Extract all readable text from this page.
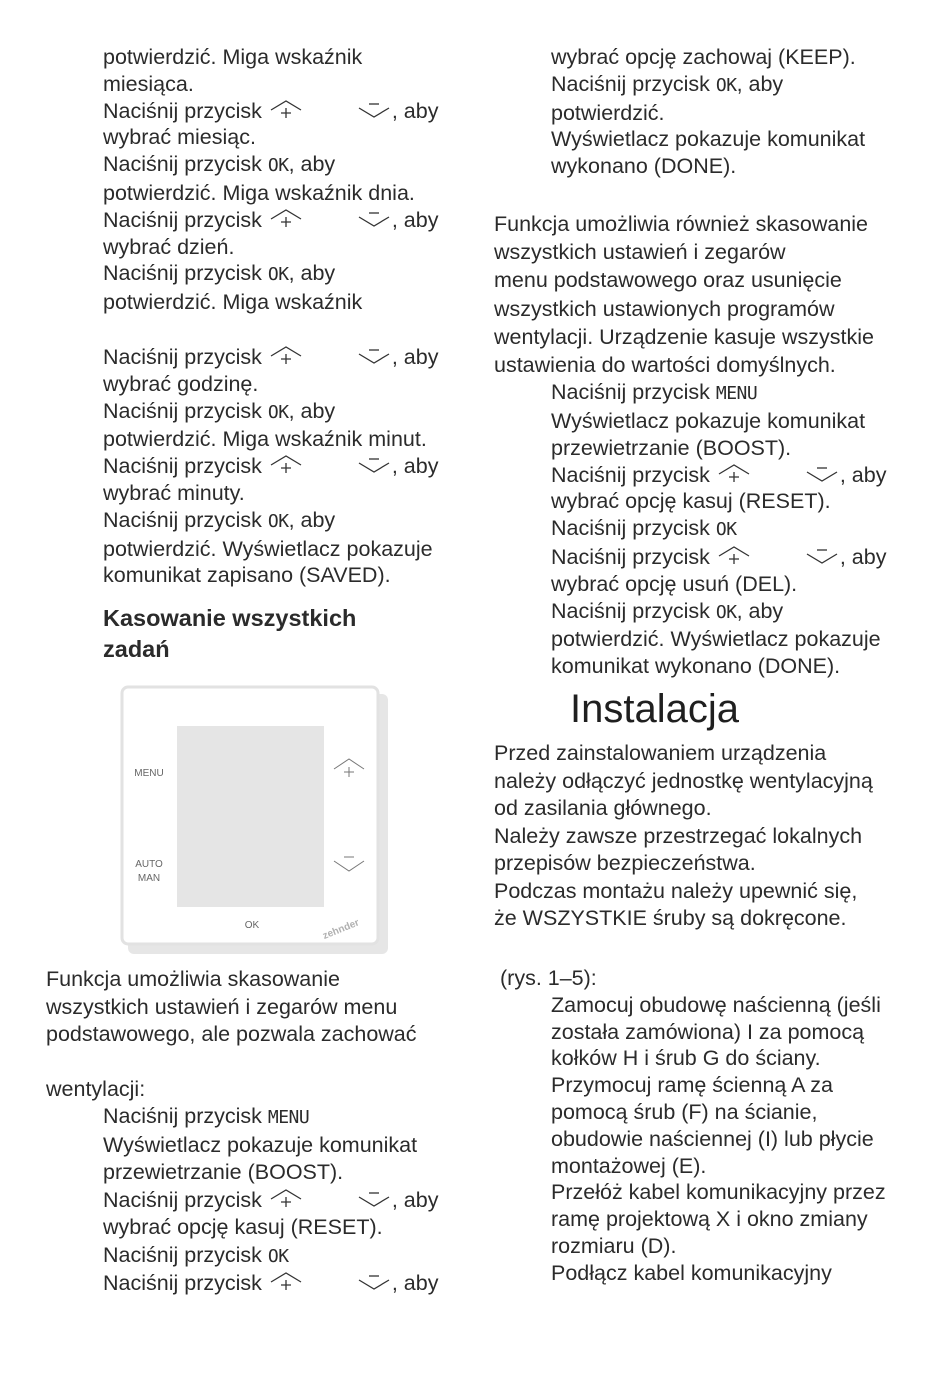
potwierdzić. Miga wskaźnik
miesiąca.
Naciśnij przycisk	, aby
wybrać miesiąc.
Naciśnij przycisk OK, aby
potwierdzić. Miga wskaźnik dnia.
Naciśnij przycisk	, aby
wybrać dzień.
Naciśnij przycisk OK, aby
potwierdzić. Miga wskaźnik
Naciśnij przycisk	, aby
wybrać godzinę.
Naciśnij przycisk OK, aby
potwierdzić. Miga wskaźnik minut.
Naciśnij przycisk	, aby
wybrać minuty.
Naciśnij przycisk OK, aby
potwierdzić. Wyświetlacz pokazuje
komunikat zapisano (SAVED).
Kasowanie wszystkich
zadań
MENU
AUTO
MAN
OK	zehnder
Funkcja umożliwia skasowanie
wszystkich ustawień i zegarów menu
podstawowego, ale pozwala zachować
wentylacji:
Naciśnij przycisk MENU
Wyświetlacz pokazuje komunikat
przewietrzanie (BOOST).
Naciśnij przycisk	, aby
wybrać opcję kasuj (RESET).
Naciśnij przycisk OK
Naciśnij przycisk	, aby
wybrać opcję zachowaj (KEEP).
Naciśnij przycisk OK, aby
potwierdzić.
Wyświetlacz pokazuje komunikat
wykonano (DONE).
Funkcja umożliwia również skasowanie
wszystkich ustawień i zegarów
menu podstawowego oraz usunięcie
wszystkich ustawionych programów
wentylacji. Urządzenie kasuje wszystkie
ustawienia do wartości domyślnych.
Naciśnij przycisk MENU
Wyświetlacz pokazuje komunikat
przewietrzanie (BOOST).
Naciśnij przycisk	, aby
wybrać opcję kasuj (RESET).
Naciśnij przycisk OK
Naciśnij przycisk	, aby
wybrać opcję usuń (DEL).
Naciśnij przycisk OK, aby
potwierdzić. Wyświetlacz pokazuje
komunikat wykonano (DONE).
Instalacja
Przed zainstalowaniem urządzenia
należy odłączyć jednostkę wentylacyjną
od zasilania głównego.
Należy zawsze przestrzegać lokalnych
przepisów bezpieczeństwa.
Podczas montażu należy upewnić się,
że WSZYSTKIE śruby są dokręcone.
(rys. 1–5):
Zamocuj obudowę naścienną (jeśli
została zamówiona) I za pomocą
kołków H i śrub G do ściany.
Przymocuj ramę ścienną A za
pomocą śrub (F) na ścianie,
obudowie naściennej (I) lub płycie
montażowej (E).
Przełóż kabel komunikacyjny przez
ramę projektową X i okno zmiany
rozmiaru (D).
Podłącz kabel komunikacyjny
